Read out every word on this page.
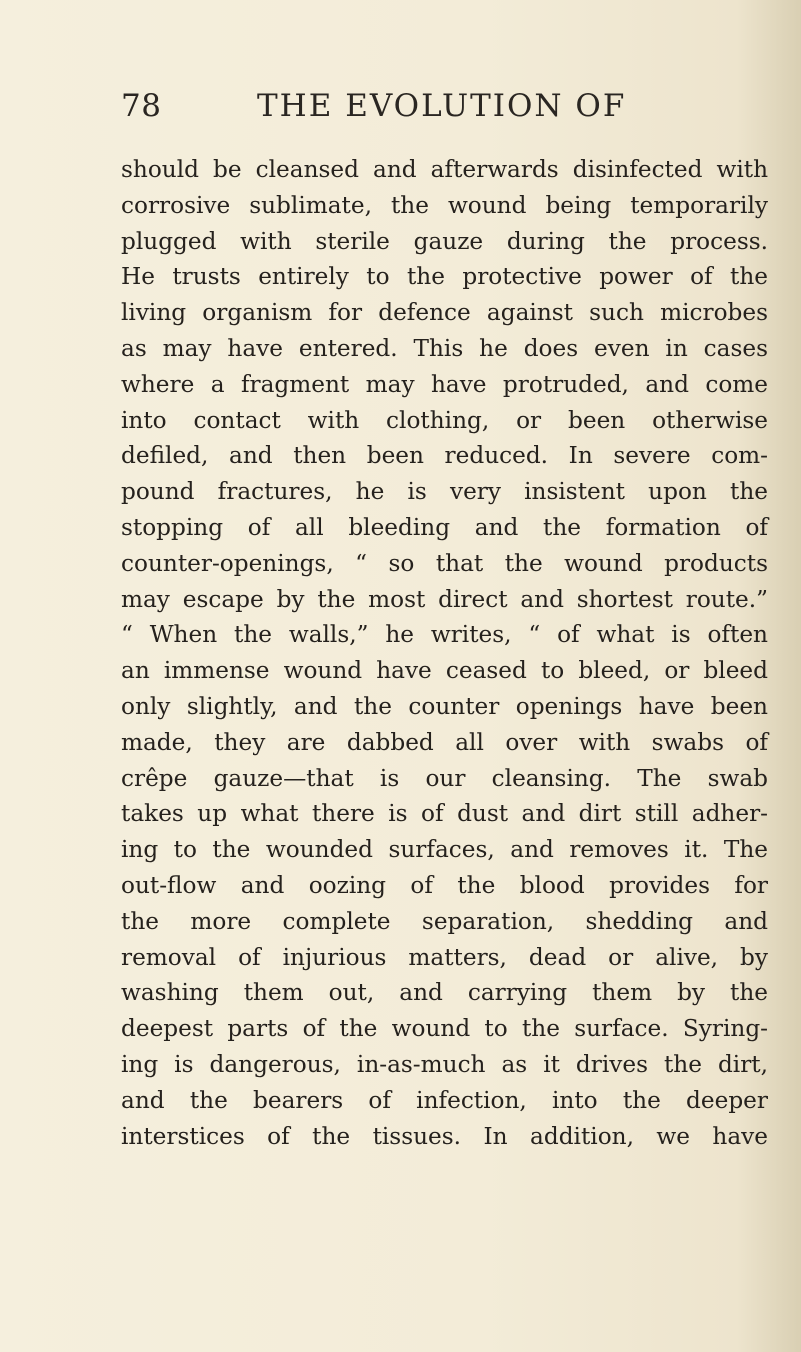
78	THE EVOLUTION OF
should be cleansed and afterwards disinfected with
corrosive sublimate, the wound being temporarily
plugged with sterile gauze during the process.
He trusts entirely to the protective power of the
living organism for defence against such microbes
as may have entered. This he does even in cases
where a fragment may have protruded, and come
into contact with clothing, or been otherwise
defiled, and then been reduced. In severe com-
pound fractures, he is very insistent upon the
stopping of all bleeding and the formation of
counter-openings, “ so that the wound products
may escape by the most direct and shortest route.”
“ When the walls,” he writes, “ of what is often
an immense wound have ceased to bleed, or bleed
only slightly, and the counter openings have been
made, they are dabbed all over with swabs of
crêpe gauze—that is our cleansing. The swab
takes up what there is of dust and dirt still adher-
ing to the wounded surfaces, and removes it. The
out-flow and oozing of the blood provides for
the more complete separation, shedding and
removal of injurious matters, dead or alive, by
washing them out, and carrying them by the
deepest parts of the wound to the surface. Syring-
ing is dangerous, in-as-much as it drives the dirt,
and the bearers of infection, into the deeper
interstices of the tissues. In addition, we have
